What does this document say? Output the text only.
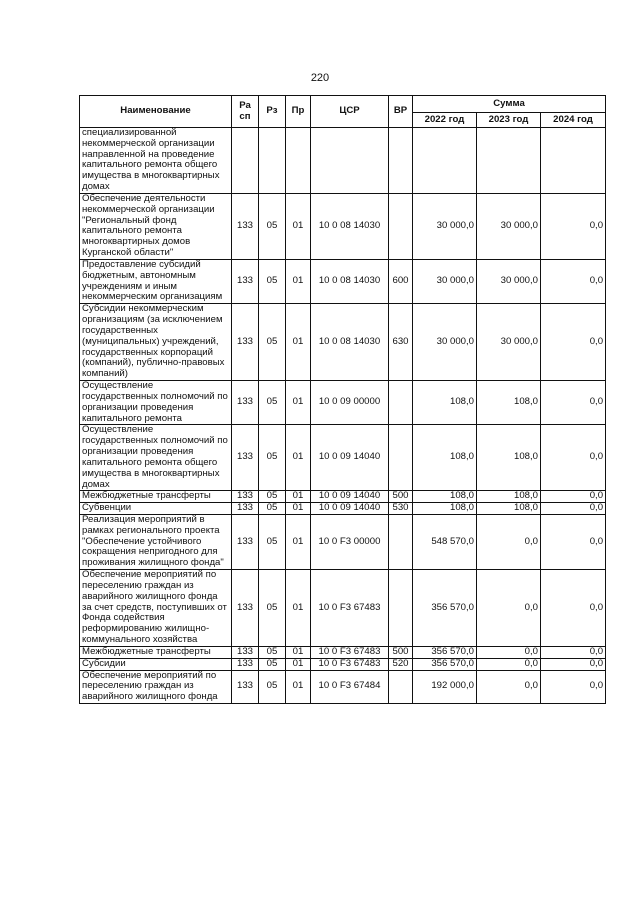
220
Наименование	Ра сп	Рз	Пр	ЦСР	ВР	Сумма		
						2022 год	2023 год	2024 год
специализированной некоммерческой организации направленной на проведение капитального ремонта общего имущества в многоквартирных домах								
Обеспечение деятельности некоммерческой организации "Региональный фонд капитального ремонта многоквартирных домов Курганской области"	133	05	01	10 0 08 14030		30 000,0	30 000,0	0,0
Предоставление субсидий бюджетным, автономным учреждениям и иным некоммерческим организациям	133	05	01	10 0 08 14030	600	30 000,0	30 000,0	0,0
Субсидии некоммерческим организациям (за исключением государственных (муниципальных) учреждений, государственных корпораций (компаний), публично-правовых компаний)	133	05	01	10 0 08 14030	630	30 000,0	30 000,0	0,0
Осуществление государственных полномочий по организации проведения капитального ремонта	133	05	01	10 0 09 00000		108,0	108,0	0,0
Осуществление государственных полномочий по организации проведения капитального ремонта общего имущества в многоквартирных домах	133	05	01	10 0 09 14040		108,0	108,0	0,0
Межбюджетные трансферты	133	05	01	10 0 09 14040	500	108,0	108,0	0,0
Субвенции	133	05	01	10 0 09 14040	530	108,0	108,0	0,0
Реализация мероприятий в рамках регионального проекта "Обеспечение устойчивого сокращения непригодного для проживания жилищного фонда"	133	05	01	10 0 F3 00000		548 570,0	0,0	0,0
Обеспечение мероприятий по переселению граждан из аварийного жилищного фонда за счет средств, поступивших от Фонда содействия реформированию жилищно-коммунального хозяйства	133	05	01	10 0 F3 67483		356 570,0	0,0	0,0
Межбюджетные трансферты	133	05	01	10 0 F3 67483	500	356 570,0	0,0	0,0
Субсидии	133	05	01	10 0 F3 67483	520	356 570,0	0,0	0,0
Обеспечение мероприятий по переселению граждан из аварийного жилищного фонда	133	05	01	10 0 F3 67484		192 000,0	0,0	0,0
